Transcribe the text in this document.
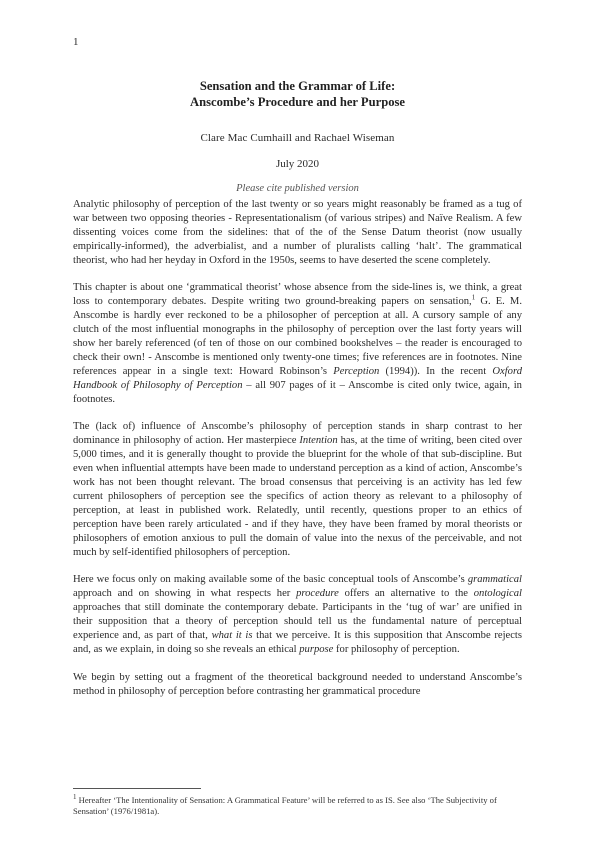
1
Sensation and the Grammar of Life:
Anscombe’s Procedure and her Purpose
Clare Mac Cumhaill and Rachael Wiseman
July 2020
Please cite published version

Analytic philosophy of perception of the last twenty or so years might reasonably be framed as a tug of war between two opposing theories - Representationalism (of various stripes) and Naïve Realism. A few dissenting voices come from the sidelines: that of the of the Sense Datum theorist (now usually empirically-informed), the adverbialist, and a number of pluralists calling ‘halt’. The grammatical theorist, who had her heyday in Oxford in the 1950s, seems to have deserted the scene completely.

This chapter is about one ‘grammatical theorist’ whose absence from the side-lines is, we think, a great loss to contemporary debates. Despite writing two ground-breaking papers on sensation,$^1$ G. E. M. Anscombe is hardly ever reckoned to be a philosopher of perception at all. A cursory sample of any clutch of the most influential monographs in the philosophy of perception over the last forty years will show her barely referenced (of ten of those on our combined bookshelves – the reader is encouraged to check their own! - Anscombe is mentioned only twenty-one times; five references are in footnotes. Nine references appear in a single text: Howard Robinson’s Perception (1994)). In the recent Oxford Handbook of Philosophy of Perception – all 907 pages of it – Anscombe is cited only twice, again, in footnotes.

The (lack of) influence of Anscombe’s philosophy of perception stands in sharp contrast to her dominance in philosophy of action. Her masterpiece Intention has, at the time of writing, been cited over 5,000 times, and it is generally thought to provide the blueprint for the whole of that sub-discipline. But even when influential attempts have been made to understand perception as a kind of action, Anscombe’s work has not been thought relevant. The broad consensus that perceiving is an activity has led few current philosophers of perception see the specifics of action theory as relevant to a philosophy of perception, at least in published work. Relatedly, until recently, questions proper to an ethics of perception have been rarely articulated - and if they have, they have been framed by moral theorists or philosophers of emotion anxious to pull the domain of value into the nexus of the perceivable, and not much by self-identified philosophers of perception.

Here we focus only on making available some of the basic conceptual tools of Anscombe’s grammatical approach and on showing in what respects her procedure offers an alternative to the ontological approaches that still dominate the contemporary debate. Participants in the ‘tug of war’ are unified in their supposition that a theory of perception should tell us the fundamental nature of perceptual experience and, as part of that, what it is that we perceive. It is this supposition that Anscombe rejects and, as we explain, in doing so she reveals an ethical purpose for philosophy of perception.

We begin by setting out a fragment of the theoretical background needed to understand Anscombe’s method in philosophy of perception before contrasting her grammatical procedure

$^1$ Hereafter ‘The Intentionality of Sensation: A Grammatical Feature’ will be referred to as IS. See also ‘The Subjectivity of Sensation’ (1976/1981a).
